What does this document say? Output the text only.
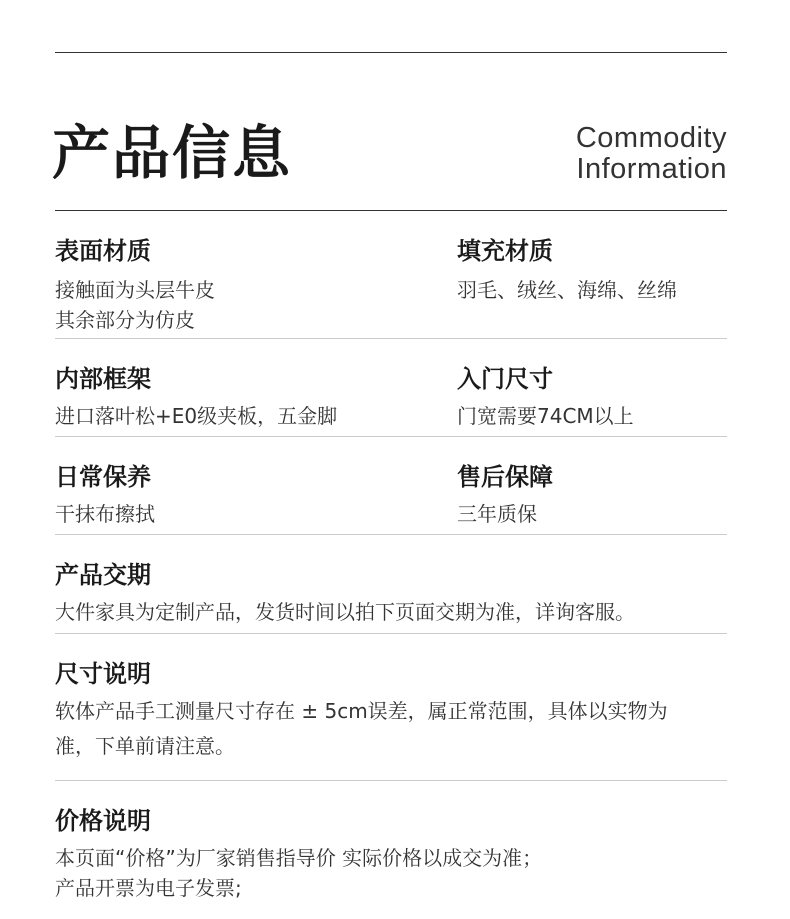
产品信息	Commodity
Information
表面材质
接触面为头层牛皮
其余部分为仿皮
填充材质
羽毛、绒丝、海绵、丝绵
内部框架
进口落叶松+E0级夹板，五金脚
入门尺寸
门宽需要74CM以上
日常保养
干抹布擦拭
售后保障
三年质保
产品交期
大件家具为定制产品，发货时间以拍下页面交期为准，详询客服。
尺寸说明
软体产品手工测量尺寸存在 ± 5cm误差，属正常范围，具体以实物为
准，下单前请注意。
价格说明
本页面“价格”为厂家销售指导价 实际价格以成交为准；
产品开票为电子发票;
